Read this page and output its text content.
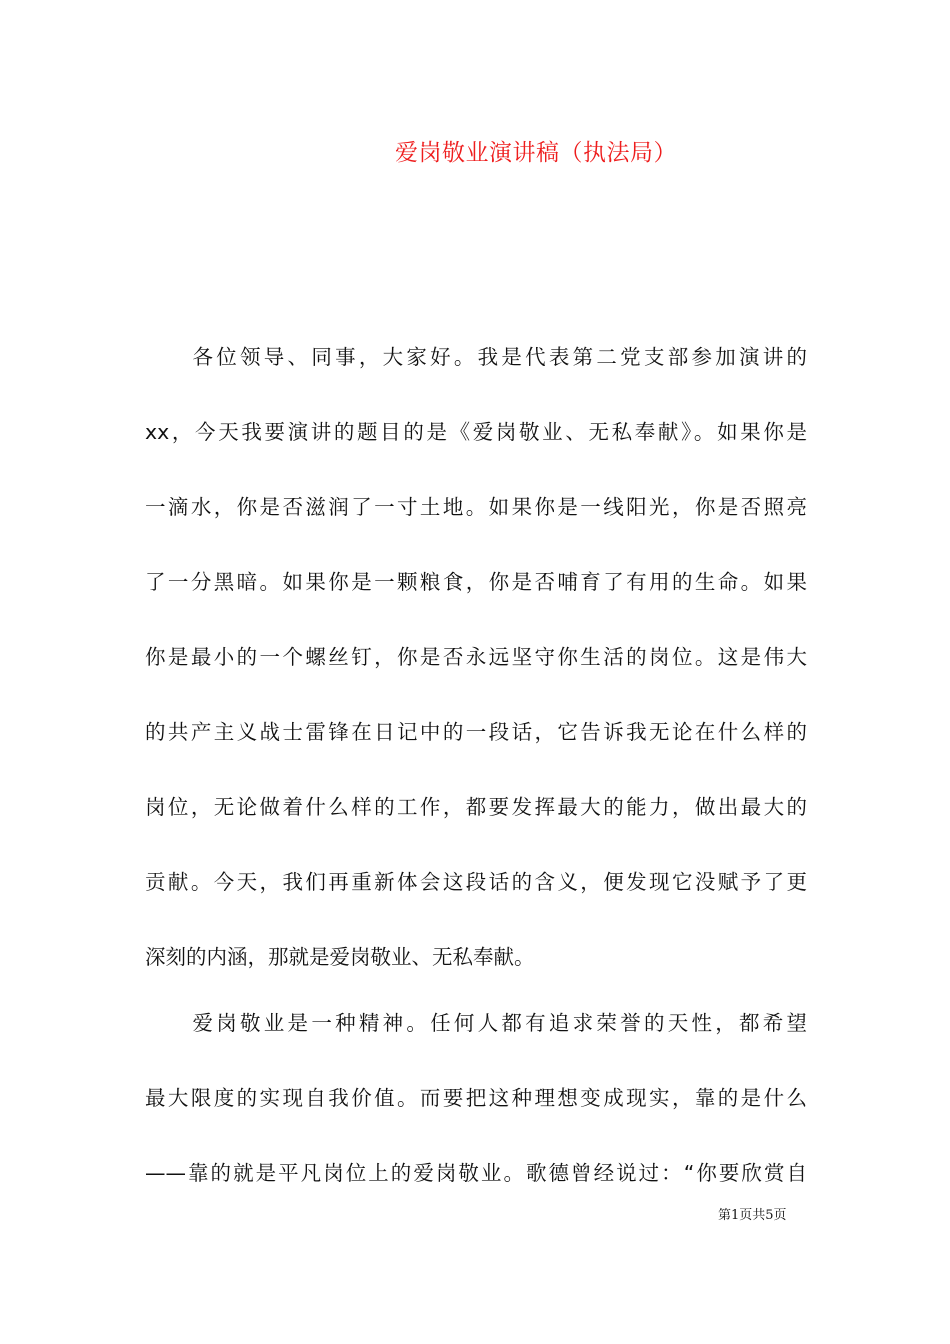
爱岗敬业演讲稿（执法局）
　　各位领导、同事，大家好。我是代表第二党支部参加演讲的
xx，今天我要演讲的题目的是《爱岗敬业、无私奉献》。如果你是
一滴水，你是否滋润了一寸土地。如果你是一线阳光，你是否照亮
了一分黑暗。如果你是一颗粮食，你是否哺育了有用的生命。如果
你是最小的一个螺丝钉，你是否永远坚守你生活的岗位。这是伟大
的共产主义战士雷锋在日记中的一段话，它告诉我无论在什么样的
岗位，无论做着什么样的工作，都要发挥最大的能力，做出最大的
贡献。今天，我们再重新体会这段话的含义，便发现它没赋予了更
深刻的内涵，那就是爱岗敬业、无私奉献。
　　爱岗敬业是一种精神。任何人都有追求荣誉的天性，都希望
最大限度的实现自我价值。而要把这种理想变成现实，靠的是什么
——靠的就是平凡岗位上的爱岗敬业。歌德曾经说过：“你要欣赏自
第1页共5页
